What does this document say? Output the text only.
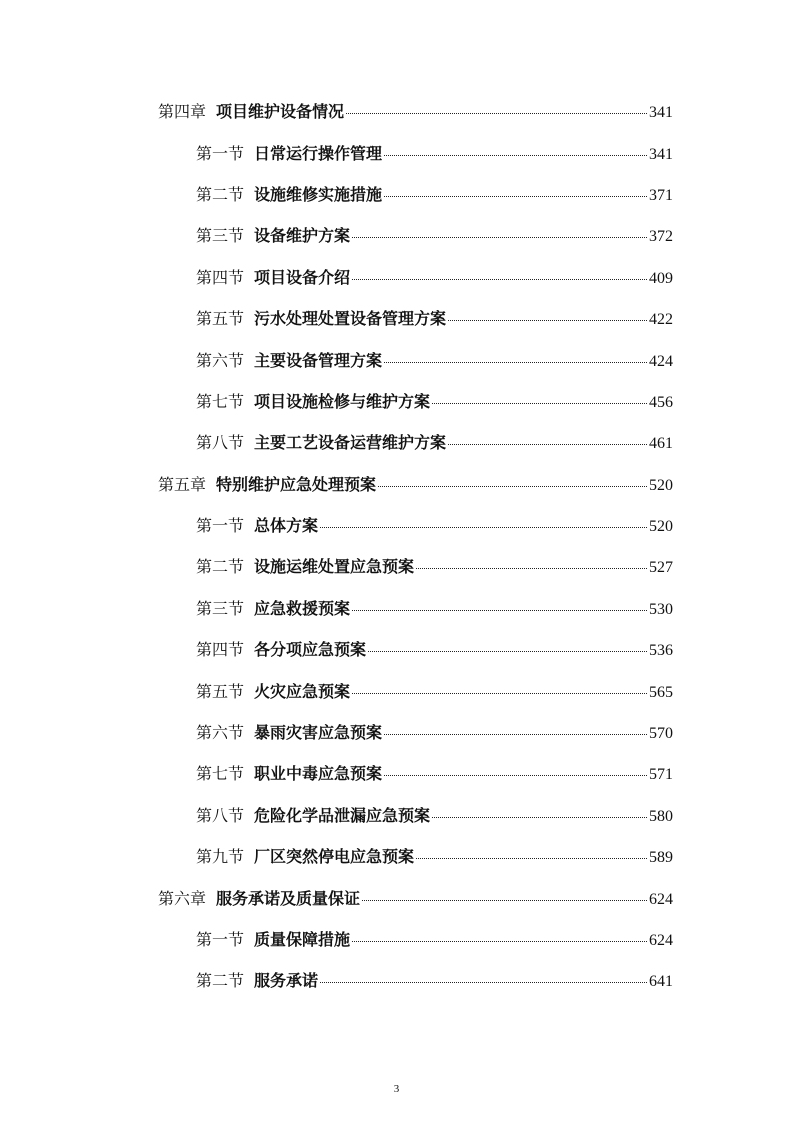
第四章 项目维护设备情况	341
第一节 日常运行操作管理	341
第二节 设施维修实施措施	371
第三节 设备维护方案	372
第四节 项目设备介绍	409
第五节 污水处理处置设备管理方案	422
第六节 主要设备管理方案	424
第七节 项目设施检修与维护方案	456
第八节 主要工艺设备运营维护方案	461
第五章 特别维护应急处理预案	520
第一节 总体方案	520
第二节 设施运维处置应急预案	527
第三节 应急救援预案	530
第四节 各分项应急预案	536
第五节 火灾应急预案	565
第六节 暴雨灾害应急预案	570
第七节 职业中毒应急预案	571
第八节 危险化学品泄漏应急预案	580
第九节 厂区突然停电应急预案	589
第六章 服务承诺及质量保证	624
第一节 质量保障措施	624
第二节 服务承诺	641
3
